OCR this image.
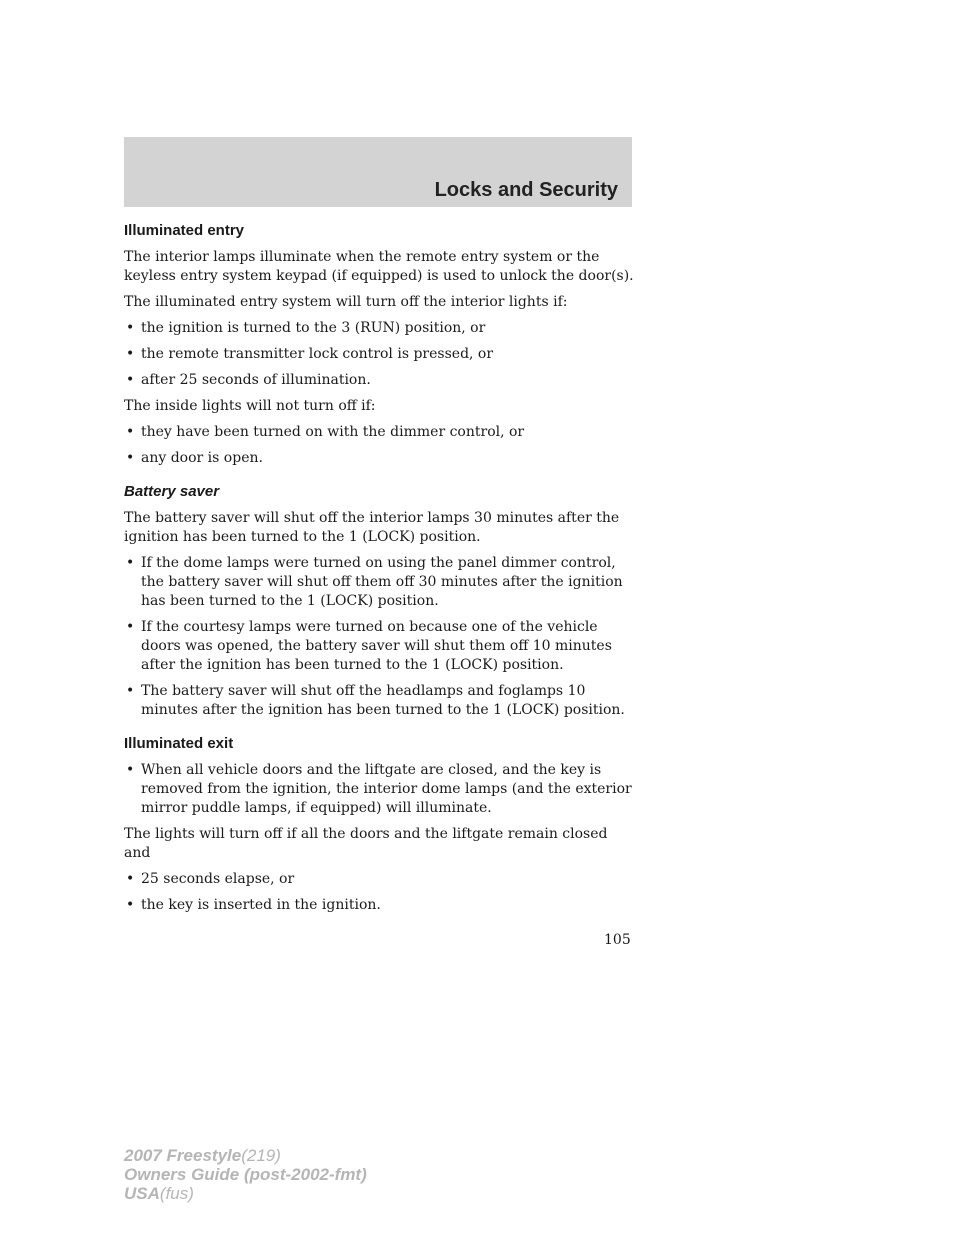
Locks and Security
Illuminated entry

The interior lamps illuminate when the remote entry system or the keyless entry system keypad (if equipped) is used to unlock the door(s).

The illuminated entry system will turn off the interior lights if:

• the ignition is turned to the 3 (RUN) position, or
• the remote transmitter lock control is pressed, or
• after 25 seconds of illumination.

The inside lights will not turn off if:

• they have been turned on with the dimmer control, or
• any door is open.
Battery saver

The battery saver will shut off the interior lamps 30 minutes after the ignition has been turned to the 1 (LOCK) position.

• If the dome lamps were turned on using the panel dimmer control, the battery saver will shut off them off 30 minutes after the ignition has been turned to the 1 (LOCK) position.
• If the courtesy lamps were turned on because one of the vehicle doors was opened, the battery saver will shut them off 10 minutes after the ignition has been turned to the 1 (LOCK) position.
• The battery saver will shut off the headlamps and foglamps 10 minutes after the ignition has been turned to the 1 (LOCK) position.
Illuminated exit
• When all vehicle doors and the liftgate are closed, and the key is removed from the ignition, the interior dome lamps (and the exterior mirror puddle lamps, if equipped) will illuminate.

The lights will turn off if all the doors and the liftgate remain closed and

• 25 seconds elapse, or
• the key is inserted in the ignition.
105
2007 Freestyle(219)
Owners Guide (post-2002-fmt)
USA(fus)
